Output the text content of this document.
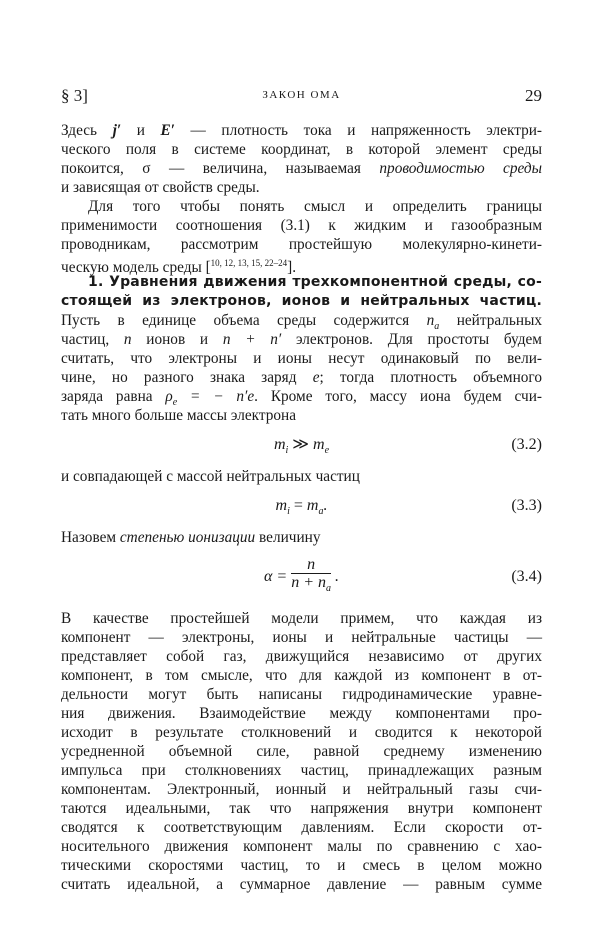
§ 3]	ЗАКОН ОМА	29
Здесь j′ и E′ — плотность тока и напряженность электри-
ческого поля в системе координат, в которой элемент среды
покоится, σ — величина, называемая проводимостью среды
и зависящая от свойств среды.
Для того чтобы понять смысл и определить границы
применимости соотношения (3.1) к жидким и газообразным
проводникам, рассмотрим простейшую молекулярно-кинети-
ческую модель среды [$^{10, 12, 13, 15, 22-24}$].
1. Уравнения движения трехкомпонентной среды, со-
стоящей из электронов, ионов и нейтральных частиц.
Пусть в единице объема среды содержится $n_a$ нейтральных
частиц, n ионов и n + n′ электронов. Для простоты будем
считать, что электроны и ионы несут одинаковый по вели-
чине, но разного знака заряд e; тогда плотность объемного
заряда равна $\rho_e$ = − n′e. Кроме того, массу иона будем счи-
тать много больше массы электрона
$m_i$ ≫ $m_e$	(3.2)
и совпадающей с массой нейтральных частиц
$m_i = m_a$.	(3.3)
Назовем степенью ионизации величину
$\alpha = \frac{n}{n + n_a}$ .	(3.4)
В качестве простейшей модели примем, что каждая из
компонент — электроны, ионы и нейтральные частицы —
представляет собой газ, движущийся независимо от других
компонент, в том смысле, что для каждой из компонент в от-
дельности могут быть написаны гидродинамические уравне-
ния движения. Взаимодействие между компонентами про-
исходит в результате столкновений и сводится к некоторой
усредненной объемной силе, равной среднему изменению
импульса при столкновениях частиц, принадлежащих разным
компонентам. Электронный, ионный и нейтральный газы счи-
таются идеальными, так что напряжения внутри компонент
сводятся к соответствующим давлениям. Если скорости от-
носительного движения компонент малы по сравнению с хао-
тическими скоростями частиц, то и смесь в целом можно
считать идеальной, а суммарное давление — равным сумме
